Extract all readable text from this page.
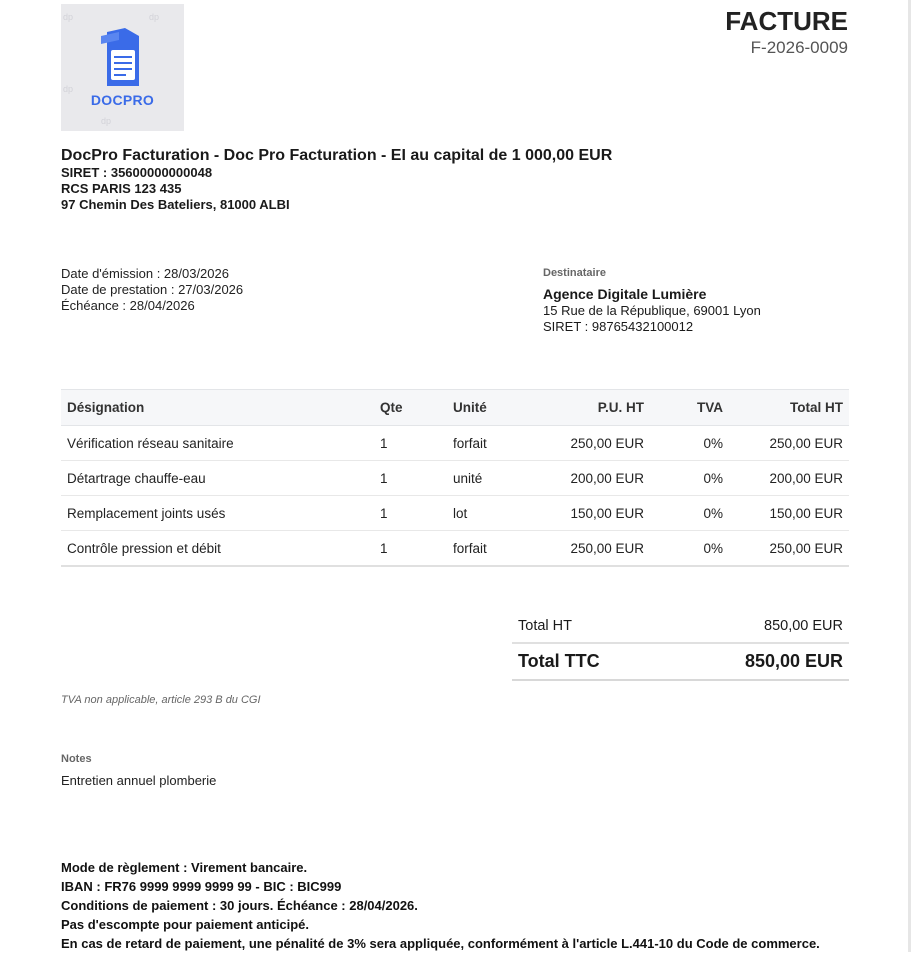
dp	dp
dp
dp
DOCPRO
FACTURE
F-2026-0009
DocPro Facturation - Doc Pro Facturation - EI au capital de 1 000,00 EUR
SIRET : 35600000000048
RCS PARIS 123 435
97 Chemin Des Bateliers, 81000 ALBI
Date d'émission : 28/03/2026
Date de prestation : 27/03/2026
Échéance : 28/04/2026
Destinataire
Agence Digitale Lumière
15 Rue de la République, 69001 Lyon
SIRET : 98765432100012
Désignation	Qte	Unité	P.U. HT	TVA	Total HT
Vérification réseau sanitaire	1	forfait	250,00 EUR	0%	250,00 EUR
Détartrage chauffe-eau	1	unité	200,00 EUR	0%	200,00 EUR
Remplacement joints usés	1	lot	150,00 EUR	0%	150,00 EUR
Contrôle pression et débit	1	forfait	250,00 EUR	0%	250,00 EUR
Total HT	850,00 EUR
Total TTC	850,00 EUR
TVA non applicable, article 293 B du CGI
Notes
Entretien annuel plomberie
Mode de règlement : Virement bancaire.
IBAN : FR76 9999 9999 9999 99 - BIC : BIC999
Conditions de paiement : 30 jours. Échéance : 28/04/2026.
Pas d'escompte pour paiement anticipé.
En cas de retard de paiement, une pénalité de 3% sera appliquée, conformément à l'article L.441-10 du Code de commerce.
